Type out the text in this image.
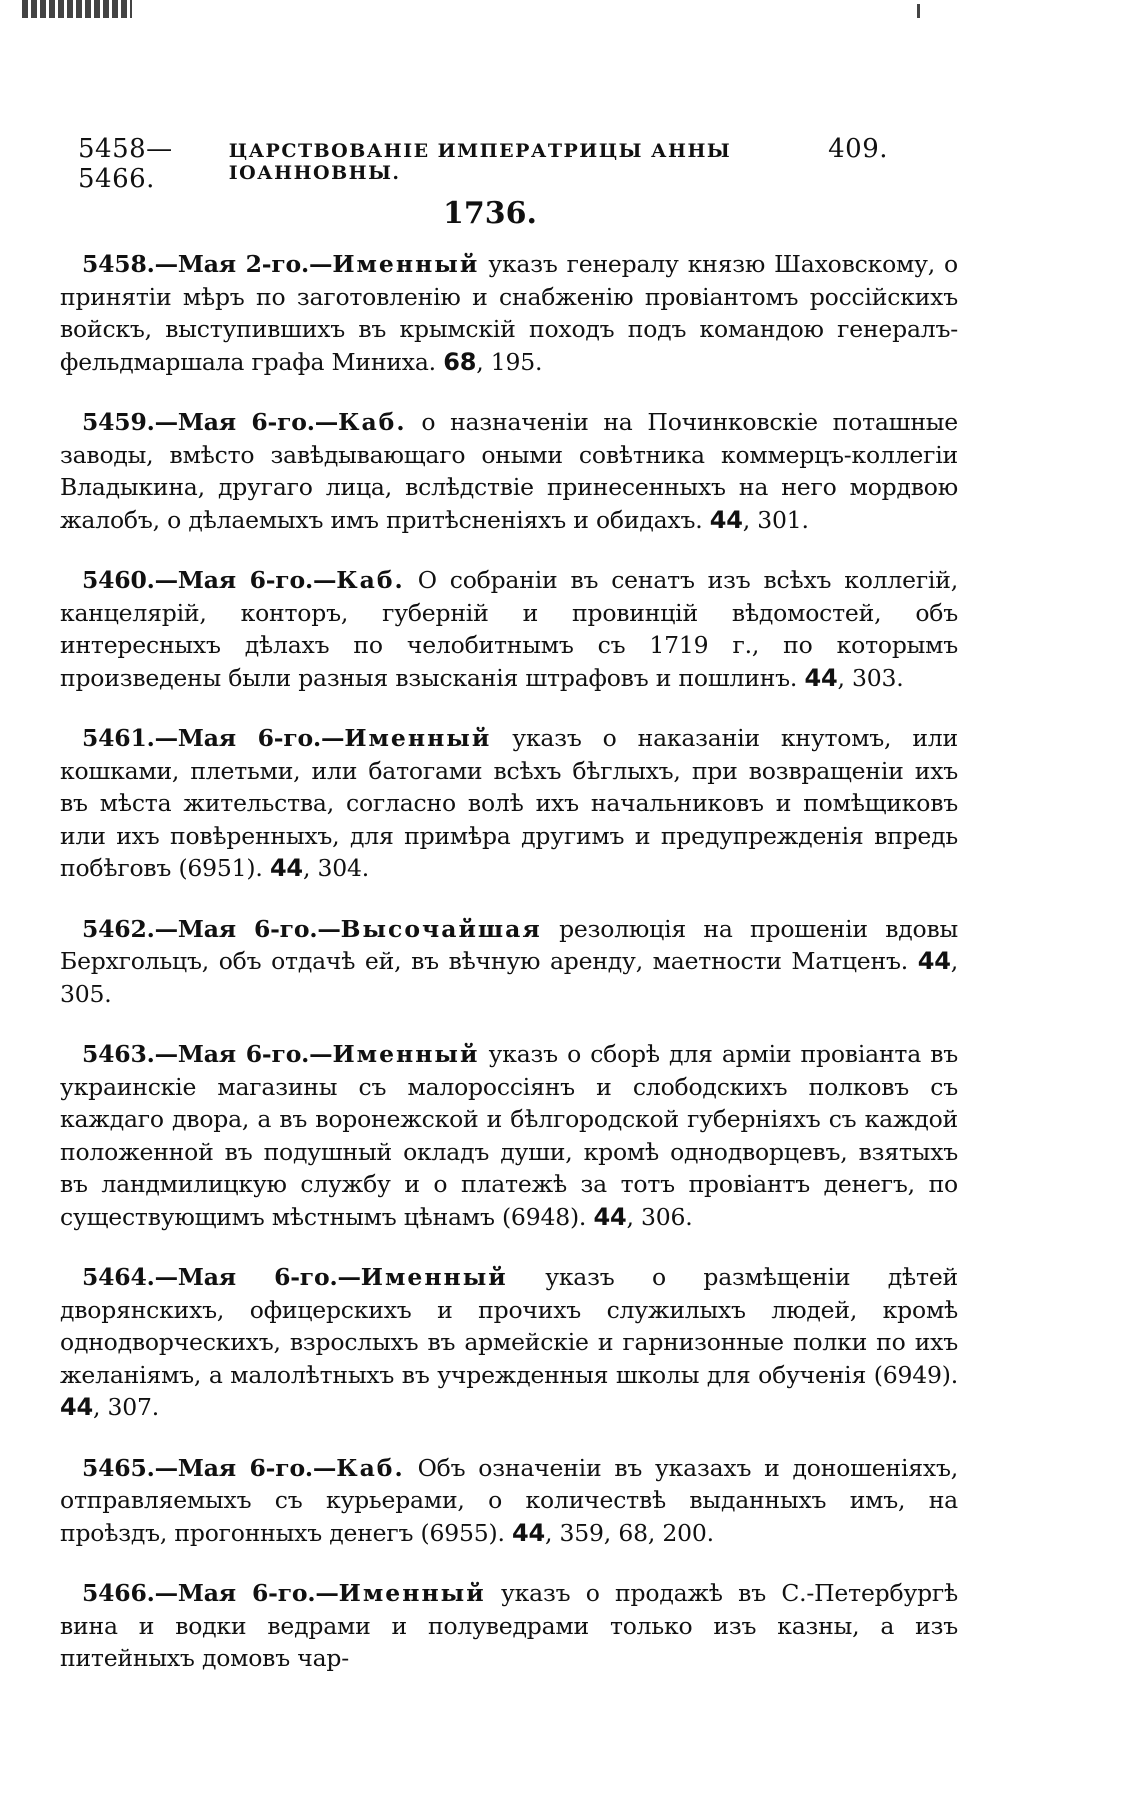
5458—5466.
ЦАРСТВОВАНІЕ ИМПЕРАТРИЦЫ АННЫ ІОАННОВНЫ.
409.
1736.

5458.—Мая 2-го.—Именный указъ генералу князю Шаховскому, о принятіи мѣръ по заготовленію и снабженію провіантомъ россійскихъ войскъ, выступившихъ въ крымскій походъ подъ командою генералъ-фельдмаршала графа Миниха. 68, 195.

5459.—Мая 6-го.—Каб. о назначеніи на Починковскіе поташные заводы, вмѣсто завѣдывающаго оными совѣтника коммерцъ-коллегіи Владыкина, другаго лица, вслѣдствіе принесенныхъ на него мордвою жалобъ, о дѣлаемыхъ имъ притѣсненіяхъ и обидахъ. 44, 301.

5460.—Мая 6-го.—Каб. О собраніи въ сенатъ изъ всѣхъ коллегій, канцелярій, конторъ, губерній и провинцій вѣдомостей, объ интересныхъ дѣлахъ по челобитнымъ съ 1719 г., по которымъ произведены были разныя взысканія штрафовъ и пошлинъ. 44, 303.

5461.—Мая 6-го.—Именный указъ о наказаніи кнутомъ, или кошками, плетьми, или батогами всѣхъ бѣглыхъ, при возвращеніи ихъ въ мѣста жительства, согласно волѣ ихъ начальниковъ и помѣщиковъ или ихъ повѣренныхъ, для примѣра другимъ и предупрежденія впредь побѣговъ (6951). 44, 304.

5462.—Мая 6-го.—Высочайшая резолюція на прошеніи вдовы Берхгольцъ, объ отдачѣ ей, въ вѣчную аренду, маетности Матценъ. 44, 305.

5463.—Мая 6-го.—Именный указъ о сборѣ для арміи провіанта въ украинскіе магазины съ малороссіянъ и слободскихъ полковъ съ каждаго двора, а въ воронежской и бѣлгородской губерніяхъ съ каждой положенной въ подушный окладъ души, кромѣ однодворцевъ, взятыхъ въ ландмилицкую службу и о платежѣ за тотъ провіантъ денегъ, по существующимъ мѣстнымъ цѣнамъ (6948). 44, 306.

5464.—Мая 6-го.—Именный указъ о размѣщеніи дѣтей дворянскихъ, офицерскихъ и прочихъ служилыхъ людей, кромѣ однодворческихъ, взрослыхъ въ армейскіе и гарнизонные полки по ихъ желаніямъ, а малолѣтныхъ въ учрежденныя школы для обученія (6949). 44, 307.

5465.—Мая 6-го.—Каб. Объ означеніи въ указахъ и доношеніяхъ, отправляемыхъ съ курьерами, о количествѣ выданныхъ имъ, на проѣздъ, прогонныхъ денегъ (6955). 44, 359, 68, 200.

5466.—Мая 6-го.—Именный указъ о продажѣ въ С.-Петербургѣ вина и водки ведрами и полуведрами только изъ казны, а изъ питейныхъ домовъ чар-
